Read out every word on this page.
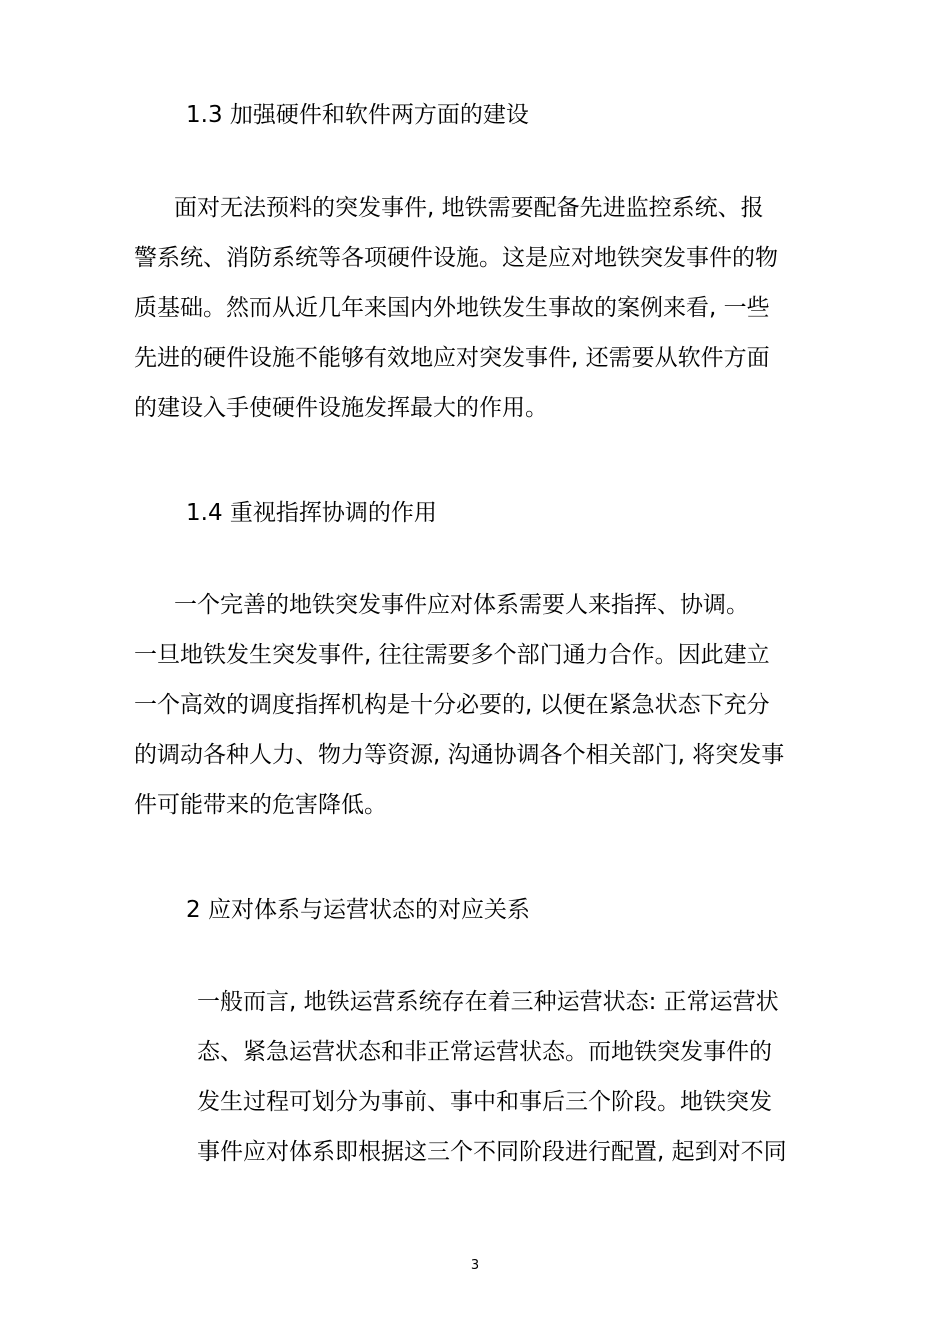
1.3 加强硬件和软件两方面的建设
面对无法预料的突发事件, 地铁需要配备先进监控系统、报
警系统、消防系统等各项硬件设施。这是应对地铁突发事件的物
质基础。然而从近几年来国内外地铁发生事故的案例来看, 一些
先进的硬件设施不能够有效地应对突发事件, 还需要从软件方面
的建设入手使硬件设施发挥最大的作用。
1.4 重视指挥协调的作用
一个完善的地铁突发事件应对体系需要人来指挥、协调。
一旦地铁发生突发事件, 往往需要多个部门通力合作。因此建立
一个高效的调度指挥机构是十分必要的, 以便在紧急状态下充分
的调动各种人力、物力等资源, 沟通协调各个相关部门, 将突发事
件可能带来的危害降低。
2 应对体系与运营状态的对应关系
一般而言, 地铁运营系统存在着三种运营状态: 正常运营状
态、紧急运营状态和非正常运营状态。而地铁突发事件的
发生过程可划分为事前、事中和事后三个阶段。地铁突发
事件应对体系即根据这三个不同阶段进行配置, 起到对不同
3
